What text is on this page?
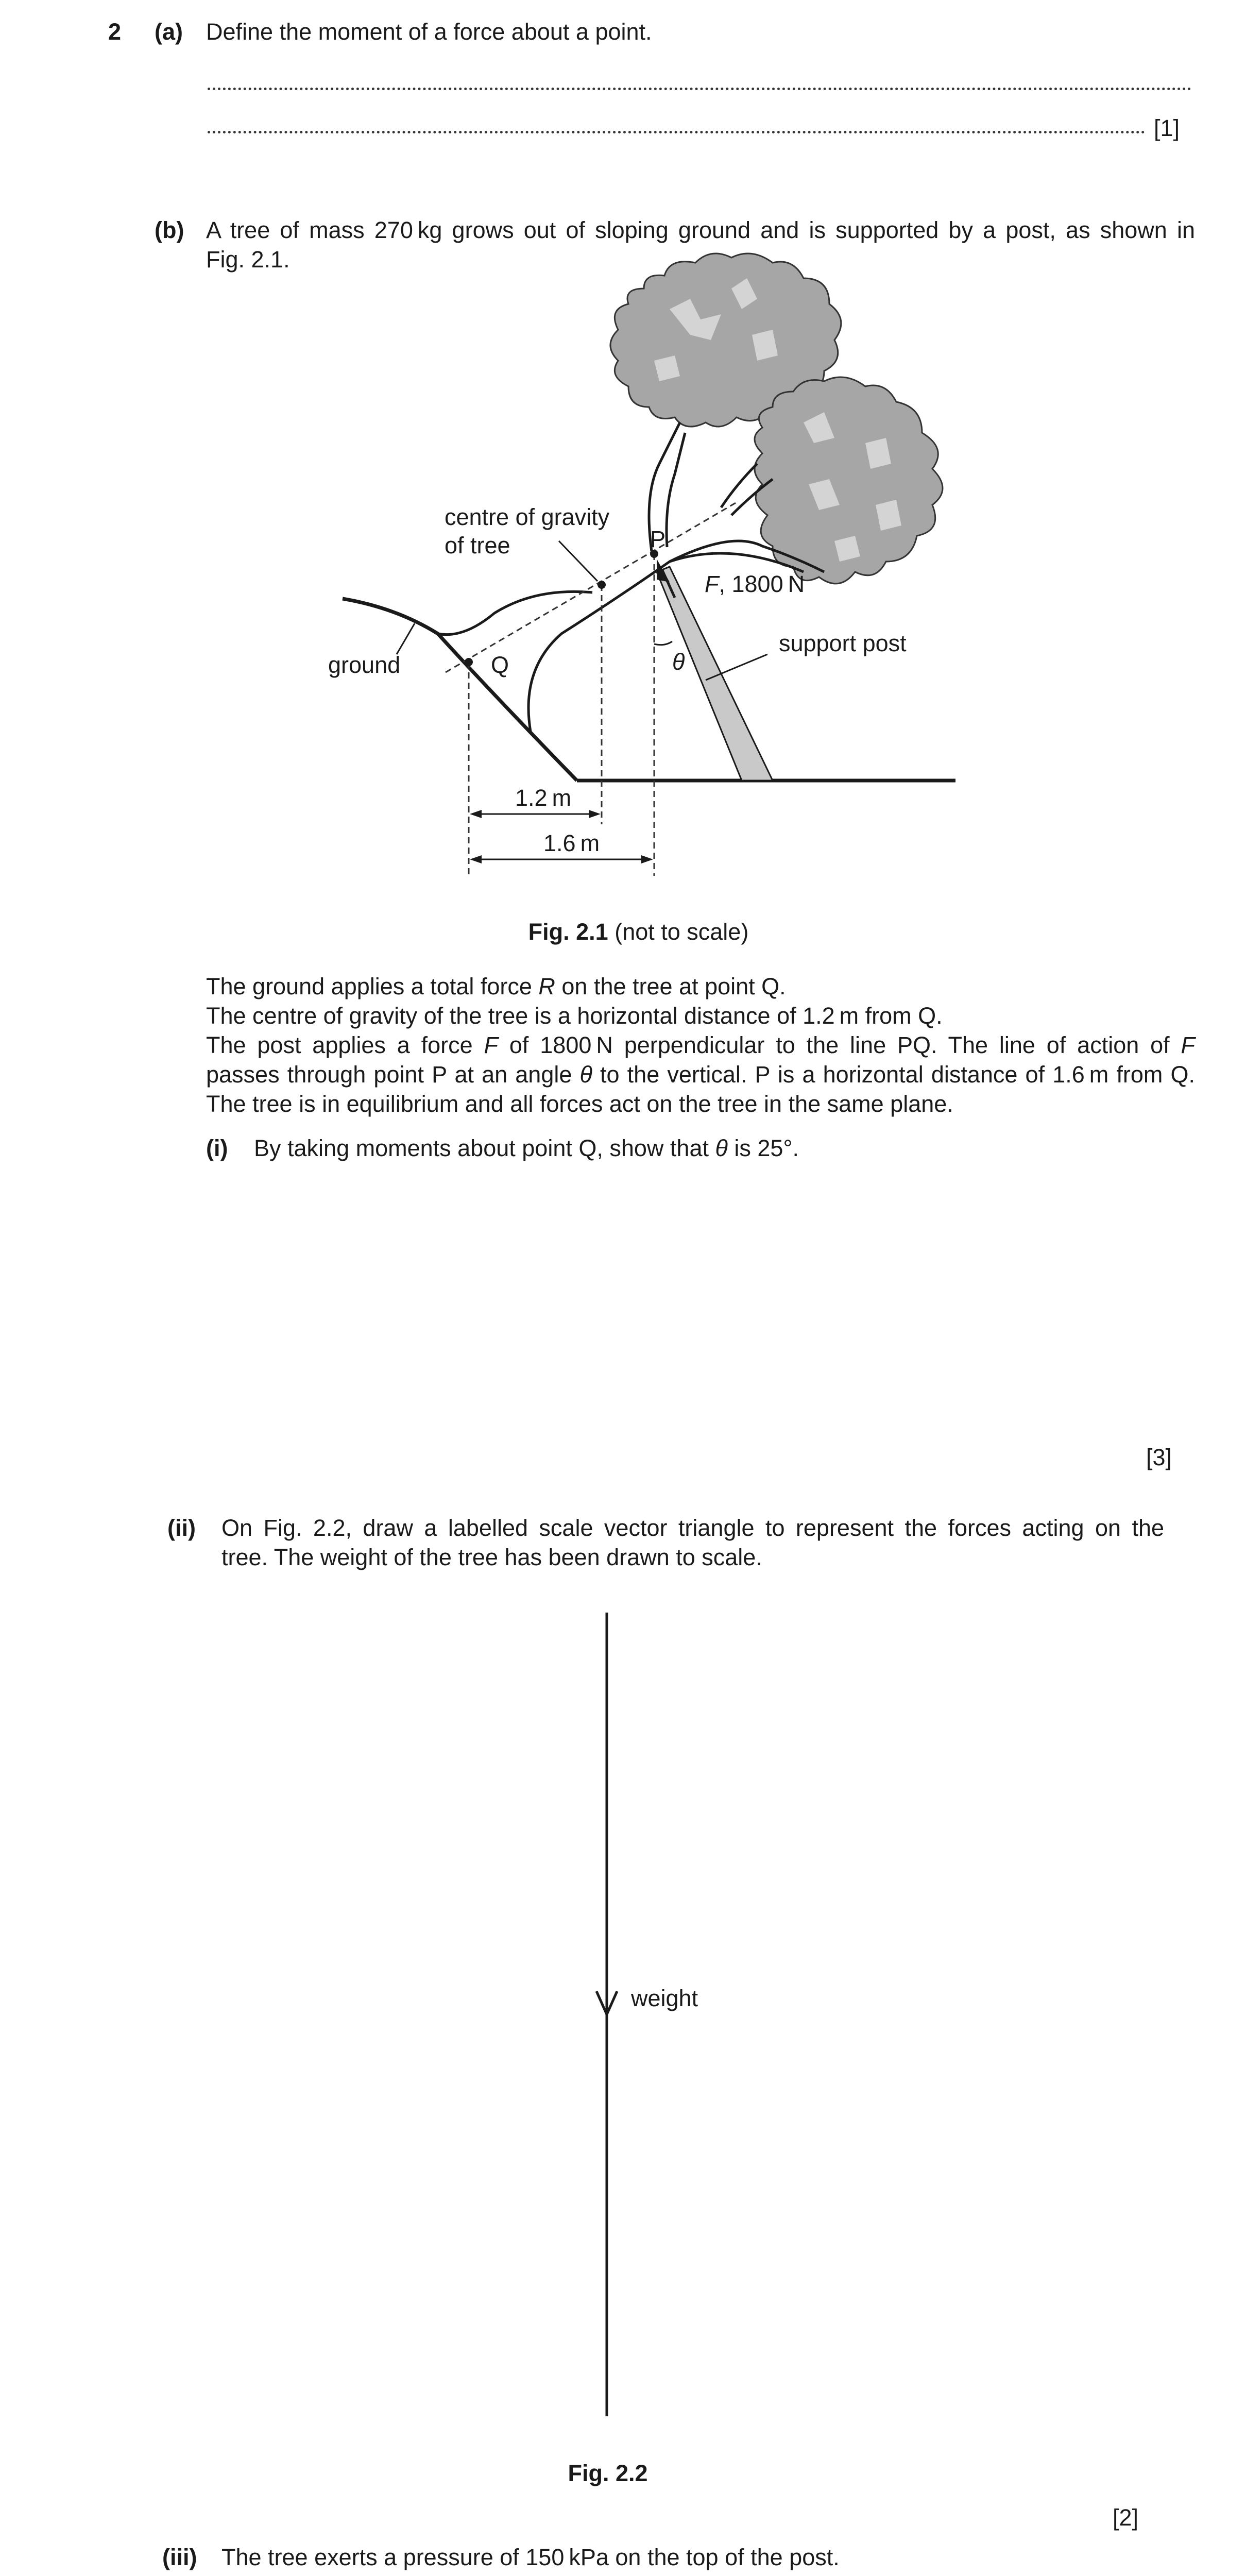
2 (a) Define the moment of a force about a point.
[1]
(b) A tree of mass 270 kg grows out of sloping ground and is supported by a post, as shown in
Fig. 2.1.
centre of gravity
of tree	P
Q
F, 1800 N
ground
support post
θ
1.2 m
1.6 m
Fig. 2.1 (not to scale)
The ground applies a total force R on the tree at point Q.
The centre of gravity of the tree is a horizontal distance of 1.2 m from Q.
The post applies a force F of 1800 N perpendicular to the line PQ. The line of action of F
passes through point P at an angle θ to the vertical. P is a horizontal distance of 1.6 m from Q.
The tree is in equilibrium and all forces act on the tree in the same plane.
(i) By taking moments about point Q, show that θ is 25°.
[3]
(ii) On Fig. 2.2, draw a labelled scale vector triangle to represent the forces acting on the
tree. The weight of the tree has been drawn to scale.
weight
Fig. 2.2
[2]
(iii) The tree exerts a pressure of 150 kPa on the top of the post.
